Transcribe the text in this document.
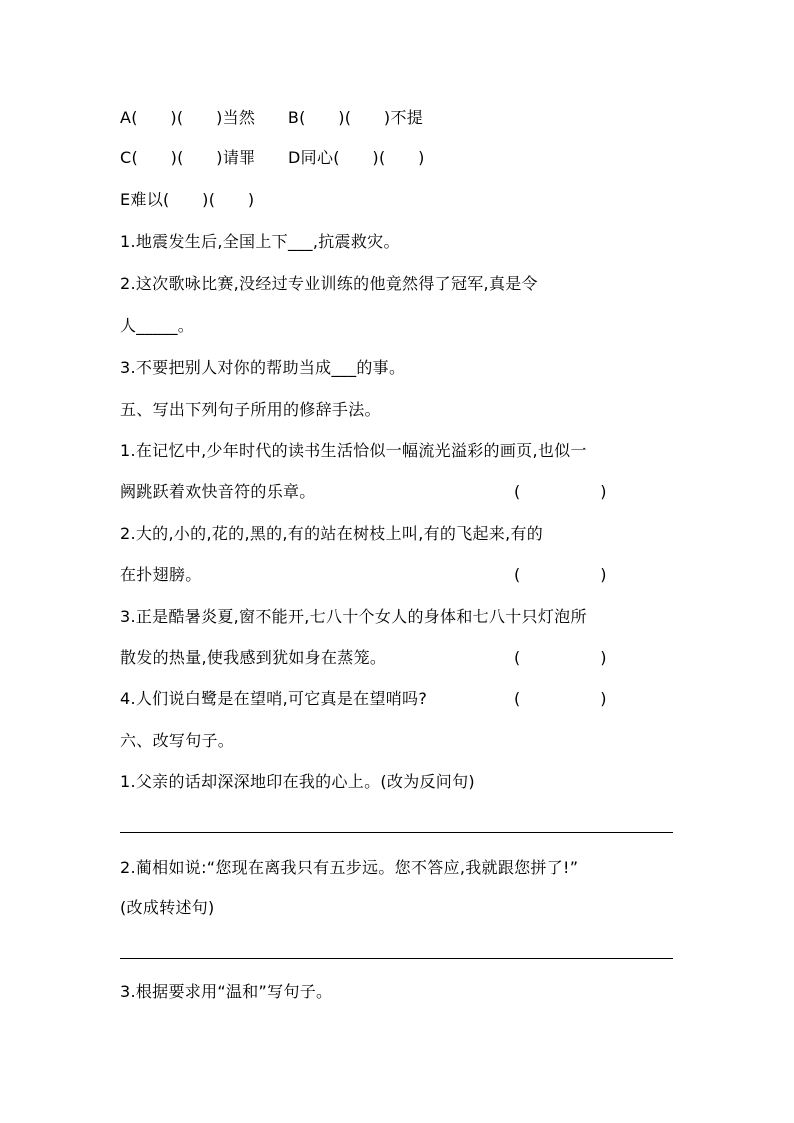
A(　　)(　　)当然　　B(　　)(　　)不提
C(　　)(　　)请罪　　D同心(　　)(　　)
E难以(　　)(　　)
1.地震发生后,全国上下___,抗震救灾。
2.这次歌咏比赛,没经过专业训练的他竟然得了冠军,真是令
人_____。
3.不要把别人对你的帮助当成___的事。
五、写出下列句子所用的修辞手法。
1.在记忆中,少年时代的读书生活恰似一幅流光溢彩的画页,也似一
阙跳跃着欢快音符的乐章。	(　　　　　)
2.大的,小的,花的,黑的,有的站在树枝上叫,有的飞起来,有的
在扑翅膀。	(　　　　　)
3.正是酷暑炎夏,窗不能开,七八十个女人的身体和七八十只灯泡所
散发的热量,使我感到犹如身在蒸笼。	(　　　　　)
4.人们说白鹭是在望哨,可它真是在望哨吗?	(　　　　　)
六、改写句子。
1.父亲的话却深深地印在我的心上。(改为反问句)
2.蔺相如说:“您现在离我只有五步远。您不答应,我就跟您拼了!”
(改成转述句)
3.根据要求用“温和”写句子。
